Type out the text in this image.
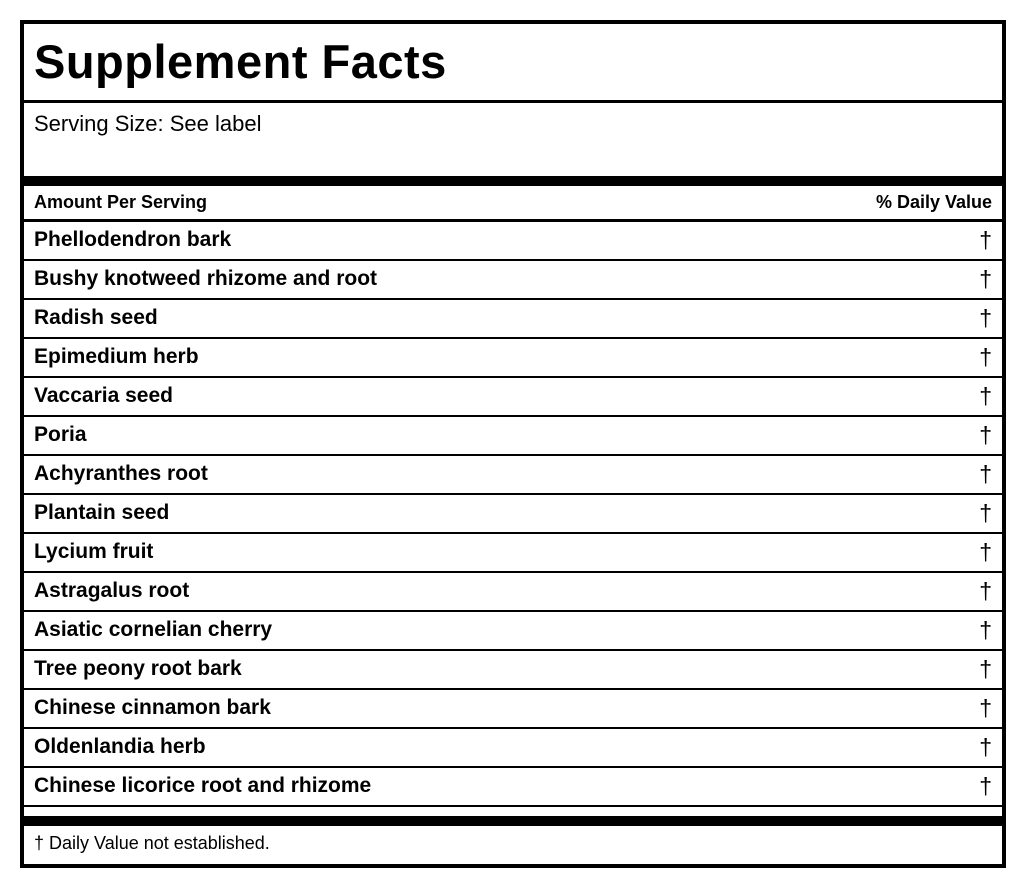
Supplement Facts
Serving Size: See label
Amount Per Serving	% Daily Value
Phellodendron bark	†
Bushy knotweed rhizome and root	†
Radish seed	†
Epimedium herb	†
Vaccaria seed	†
Poria	†
Achyranthes root	†
Plantain seed	†
Lycium fruit	†
Astragalus root	†
Asiatic cornelian cherry	†
Tree peony root bark	†
Chinese cinnamon bark	†
Oldenlandia herb	†
Chinese licorice root and rhizome	†
† Daily Value not established.
